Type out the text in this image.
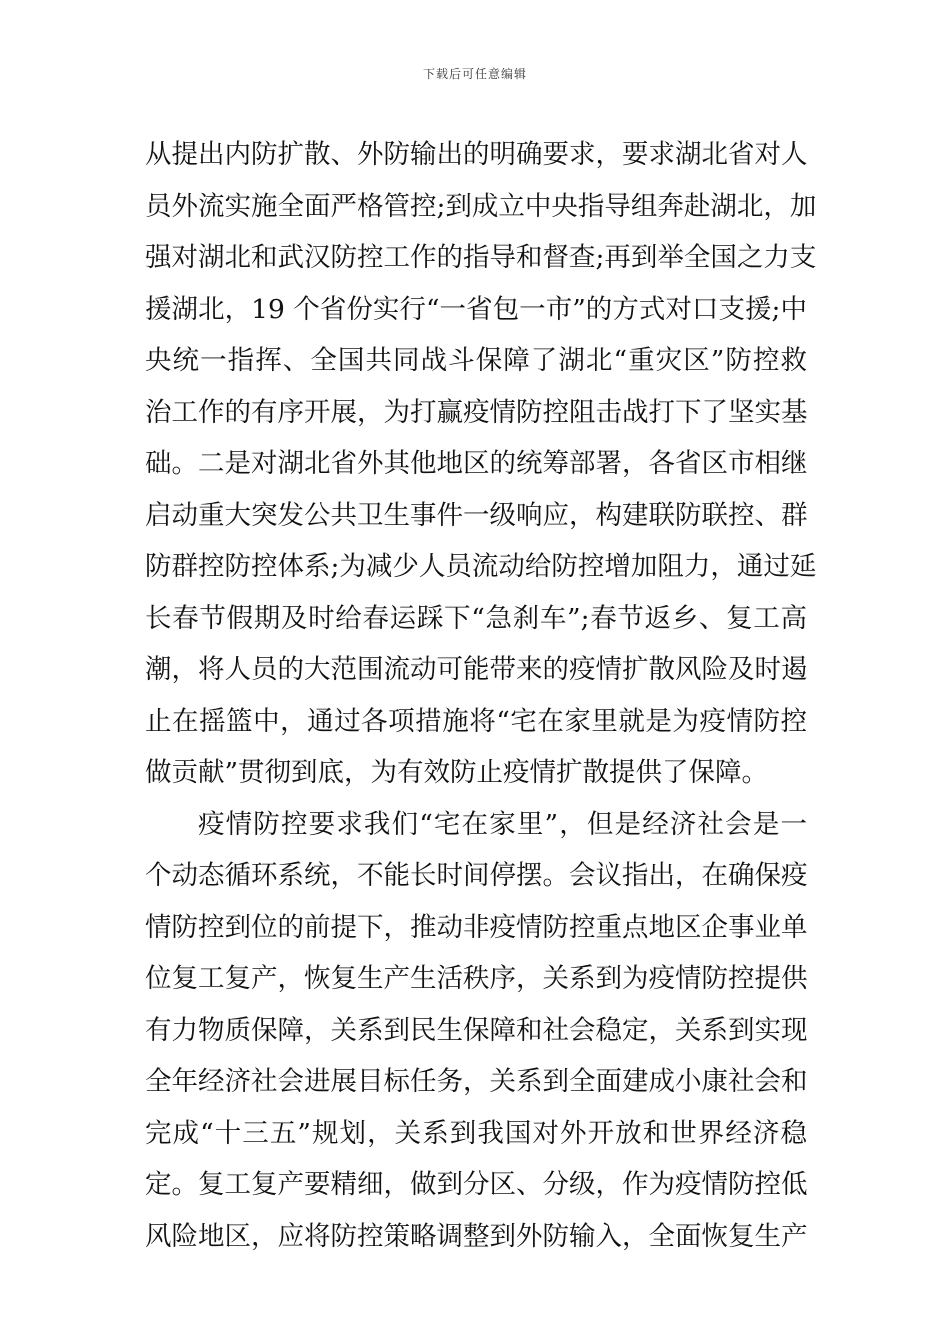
下载后可任意编辑
从提出内防扩散、外防输出的明确要求，要求湖北省对人
员外流实施全面严格管控;到成立中央指导组奔赴湖北，加
强对湖北和武汉防控工作的指导和督查;再到举全国之力支
援湖北，19 个省份实行“一省包一市”的方式对口支援;中
央统一指挥、全国共同战斗保障了湖北“重灾区”防控救
治工作的有序开展，为打赢疫情防控阻击战打下了坚实基
础。二是对湖北省外其他地区的统筹部署，各省区市相继
启动重大突发公共卫生事件一级响应，构建联防联控、群
防群控防控体系;为减少人员流动给防控增加阻力，通过延
长春节假期及时给春运踩下“急刹车”;春节返乡、复工高
潮，将人员的大范围流动可能带来的疫情扩散风险及时遏
止在摇篮中，通过各项措施将“宅在家里就是为疫情防控
做贡献”贯彻到底，为有效防止疫情扩散提供了保障。
疫情防控要求我们“宅在家里”，但是经济社会是一
个动态循环系统，不能长时间停摆。会议指出，在确保疫
情防控到位的前提下，推动非疫情防控重点地区企事业单
位复工复产，恢复生产生活秩序，关系到为疫情防控提供
有力物质保障，关系到民生保障和社会稳定，关系到实现
全年经济社会进展目标任务，关系到全面建成小康社会和
完成“十三五”规划，关系到我国对外开放和世界经济稳
定。复工复产要精细，做到分区、分级，作为疫情防控低
风险地区，应将防控策略调整到外防输入，全面恢复生产
